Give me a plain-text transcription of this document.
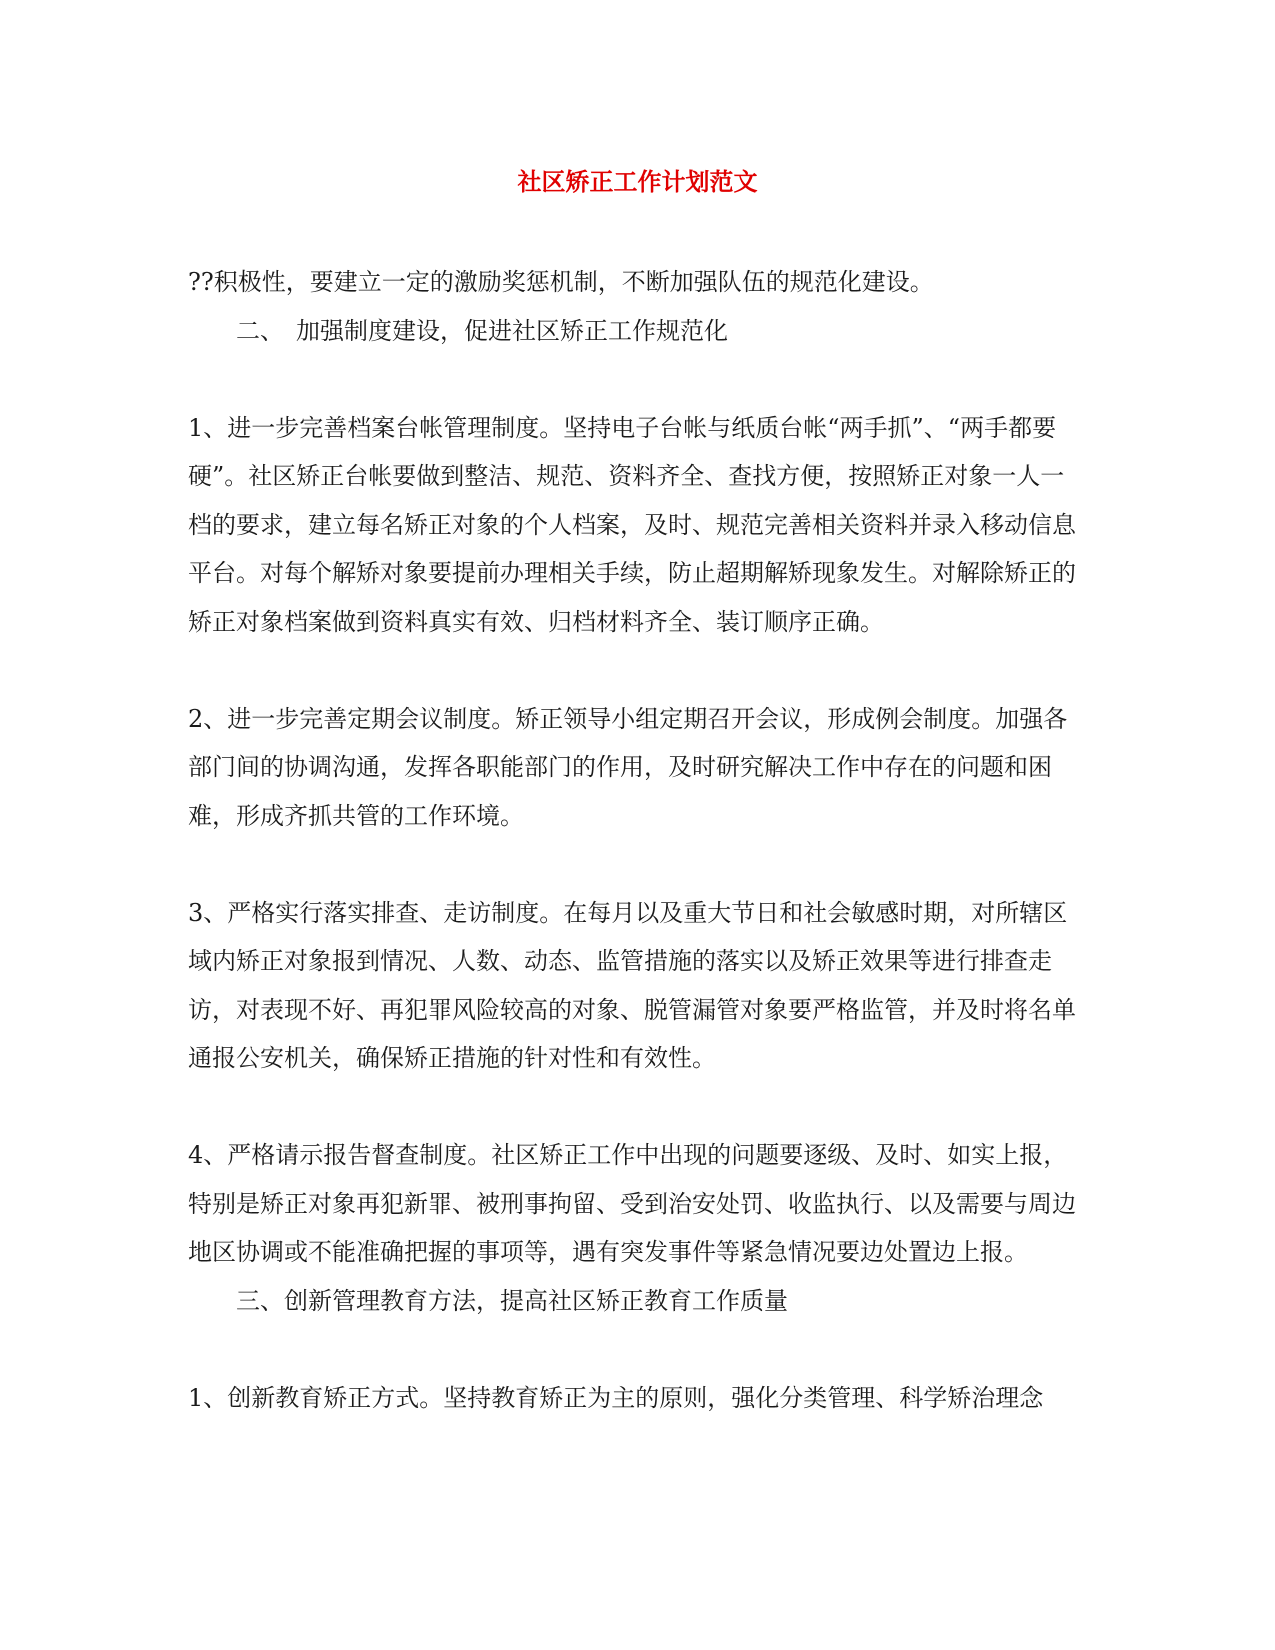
社区矫正工作计划范文

??积极性，要建立一定的激励奖惩机制，不断加强队伍的规范化建设。

二、　加强制度建设，促进社区矫正工作规范化

1、进一步完善档案台帐管理制度。坚持电子台帐与纸质台帐“两手抓”、“两手都要硬”。社区矫正台帐要做到整洁、规范、资料齐全、查找方便，按照矫正对象一人一档的要求，建立每名矫正对象的个人档案，及时、规范完善相关资料并录入移动信息平台。对每个解矫对象要提前办理相关手续，防止超期解矫现象发生。对解除矫正的矫正对象档案做到资料真实有效、归档材料齐全、装订顺序正确。

2、进一步完善定期会议制度。矫正领导小组定期召开会议，形成例会制度。加强各部门间的协调沟通，发挥各职能部门的作用，及时研究解决工作中存在的问题和困难，形成齐抓共管的工作环境。

3、严格实行落实排查、走访制度。在每月以及重大节日和社会敏感时期，对所辖区域内矫正对象报到情况、人数、动态、监管措施的落实以及矫正效果等进行排查走访，对表现不好、再犯罪风险较高的对象、脱管漏管对象要严格监管，并及时将名单通报公安机关，确保矫正措施的针对性和有效性。

4、严格请示报告督查制度。社区矫正工作中出现的问题要逐级、及时、如实上报，特别是矫正对象再犯新罪、被刑事拘留、受到治安处罚、收监执行、以及需要与周边地区协调或不能准确把握的事项等，遇有突发事件等紧急情况要边处置边上报。

三、创新管理教育方法，提高社区矫正教育工作质量

1、创新教育矫正方式。坚持教育矫正为主的原则，强化分类管理、科学矫治理念
